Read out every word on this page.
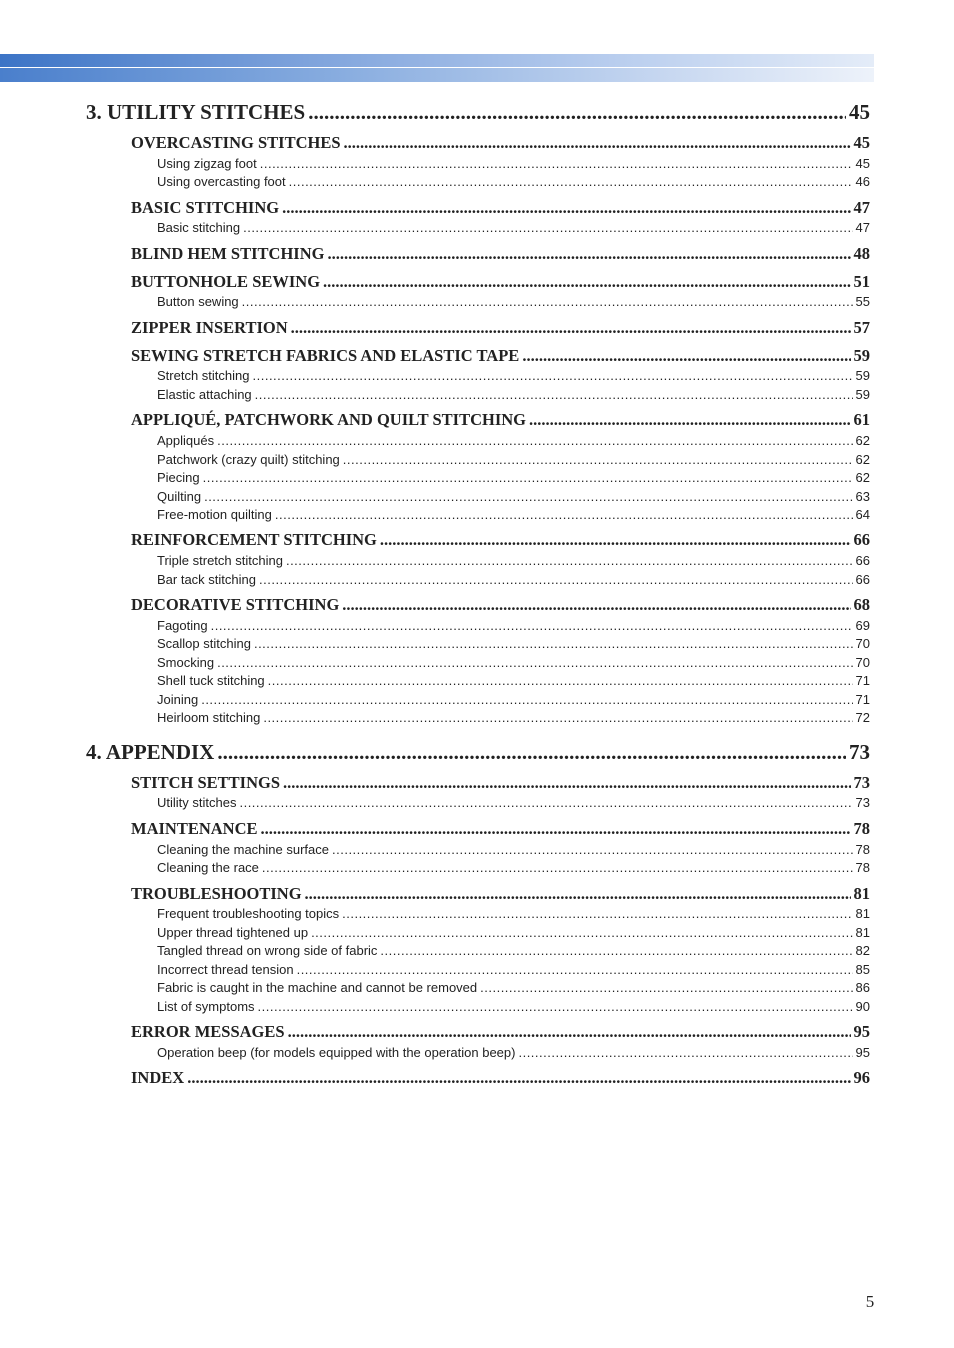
3. UTILITY STITCHES .....	45
OVERCASTING STITCHES .....	45
Using zigzag foot .....	45
Using overcasting foot .....	46
BASIC STITCHING .....	47
Basic stitching .....	47
BLIND HEM STITCHING .....	48
BUTTONHOLE SEWING .....	51
Button sewing .....	55
ZIPPER INSERTION .....	57
SEWING STRETCH FABRICS AND ELASTIC TAPE .....	59
Stretch stitching .....	59
Elastic attaching .....	59
APPLIQUÉ, PATCHWORK AND QUILT STITCHING .....	61
Appliqués .....	62
Patchwork (crazy quilt) stitching .....	62
Piecing .....	62
Quilting .....	63
Free-motion quilting .....	64
REINFORCEMENT STITCHING .....	66
Triple stretch stitching .....	66
Bar tack stitching .....	66
DECORATIVE STITCHING .....	68
Fagoting .....	69
Scallop stitching .....	70
Smocking .....	70
Shell tuck stitching .....	71
Joining .....	71
Heirloom stitching .....	72
4. APPENDIX .....	73
STITCH SETTINGS .....	73
Utility stitches .....	73
MAINTENANCE .....	78
Cleaning the machine surface .....	78
Cleaning the race .....	78
TROUBLESHOOTING .....	81
Frequent troubleshooting topics .....	81
Upper thread tightened up .....	81
Tangled thread on wrong side of fabric .....	82
Incorrect thread tension .....	85
Fabric is caught in the machine and cannot be removed .....	86
List of symptoms .....	90
ERROR MESSAGES .....	95
Operation beep (for models equipped with the operation beep) .....	95
INDEX .....	96
5
